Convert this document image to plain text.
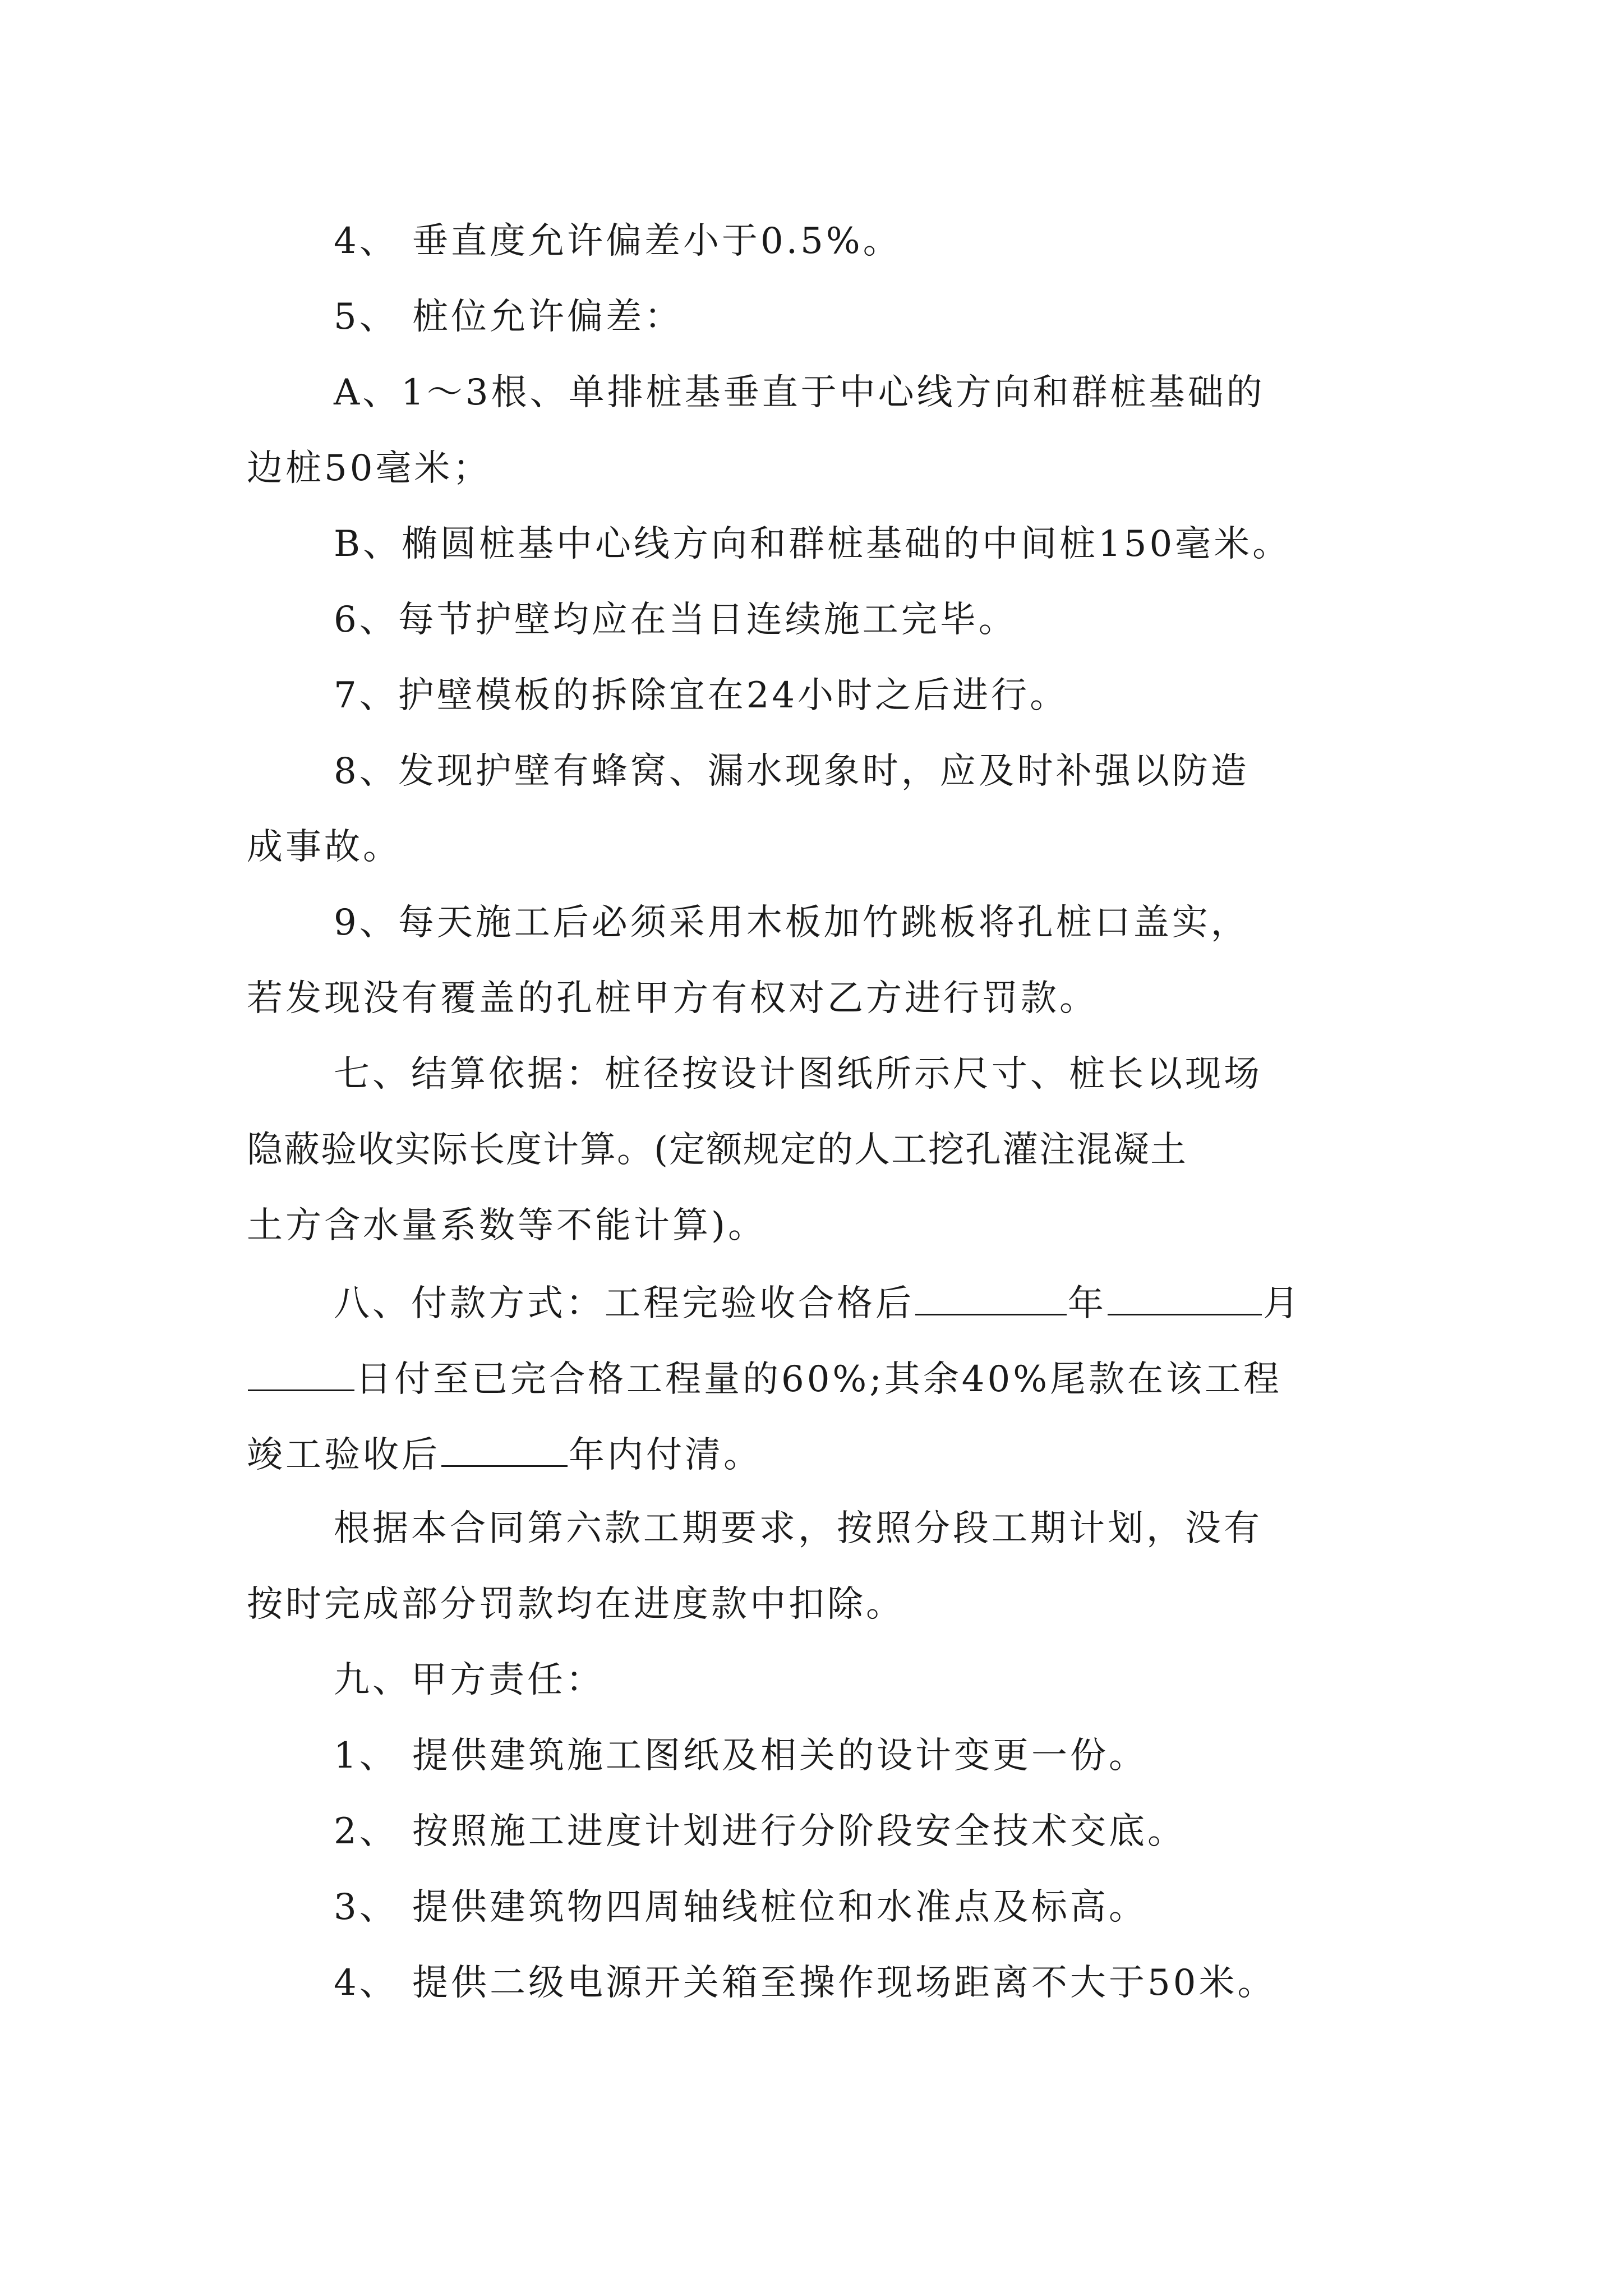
4、 垂直度允许偏差小于0.5%。
5、 桩位允许偏差：
A、1～3根、单排桩基垂直于中心线方向和群桩基础的
边桩50毫米；
B、椭圆桩基中心线方向和群桩基础的中间桩150毫米。
6、每节护壁均应在当日连续施工完毕。
7、护壁模板的拆除宜在24小时之后进行。
8、发现护壁有蜂窝、漏水现象时，应及时补强以防造
成事故。
9、每天施工后必须采用木板加竹跳板将孔桩口盖实，
若发现没有覆盖的孔桩甲方有权对乙方进行罚款。
七、结算依据：桩径按设计图纸所示尺寸、桩长以现场
隐蔽验收实际长度计算。(定额规定的人工挖孔灌注混凝土
土方含水量系数等不能计算)。
八、付款方式：工程完验收合格后	年	月
日付至已完合格工程量的60%;其余40%尾款在该工程
竣工验收后	年内付清。
根据本合同第六款工期要求，按照分段工期计划，没有
按时完成部分罚款均在进度款中扣除。
九、甲方责任：
1、 提供建筑施工图纸及相关的设计变更一份。
2、 按照施工进度计划进行分阶段安全技术交底。
3、 提供建筑物四周轴线桩位和水准点及标高。
4、 提供二级电源开关箱至操作现场距离不大于50米。
